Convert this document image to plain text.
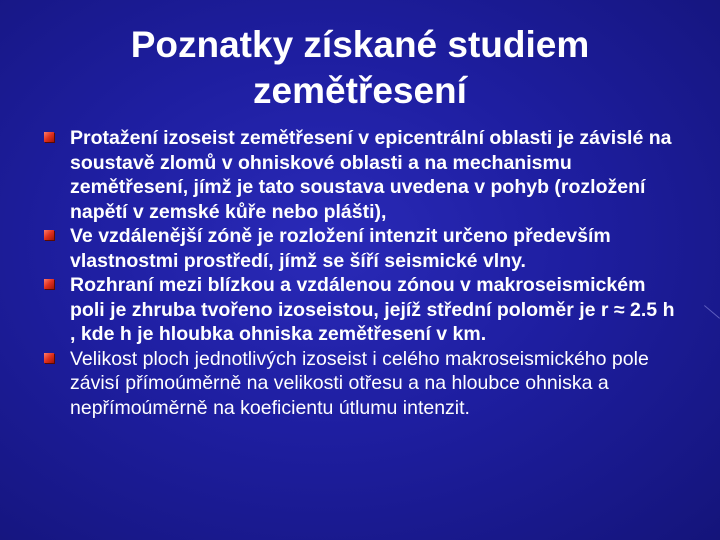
Poznatky získané studiem
zemětřesení
Protažení izoseist zemětřesení v epicentrální oblasti je závislé na soustavě zlomů v ohniskové oblasti a na mechanismu zemětřesení, jímž je tato soustava uvedena v pohyb (rozložení napětí v zemské kůře nebo plášti),
Ve vzdálenější zóně je rozložení intenzit určeno především vlastnostmi prostředí, jímž se šíří seismické vlny.
Rozhraní mezi blízkou a vzdálenou zónou v makroseismickém poli je zhruba tvořeno izoseistou, jejíž střední poloměr je r ≈ 2.5 h , kde h je hloubka ohniska zemětřesení v km.
Velikost ploch jednotlivých izoseist i celého makroseismického pole závisí přímoúměrně na velikosti otřesu a na hloubce ohniska a nepřímoúměrně na koeficientu útlumu intenzit.
